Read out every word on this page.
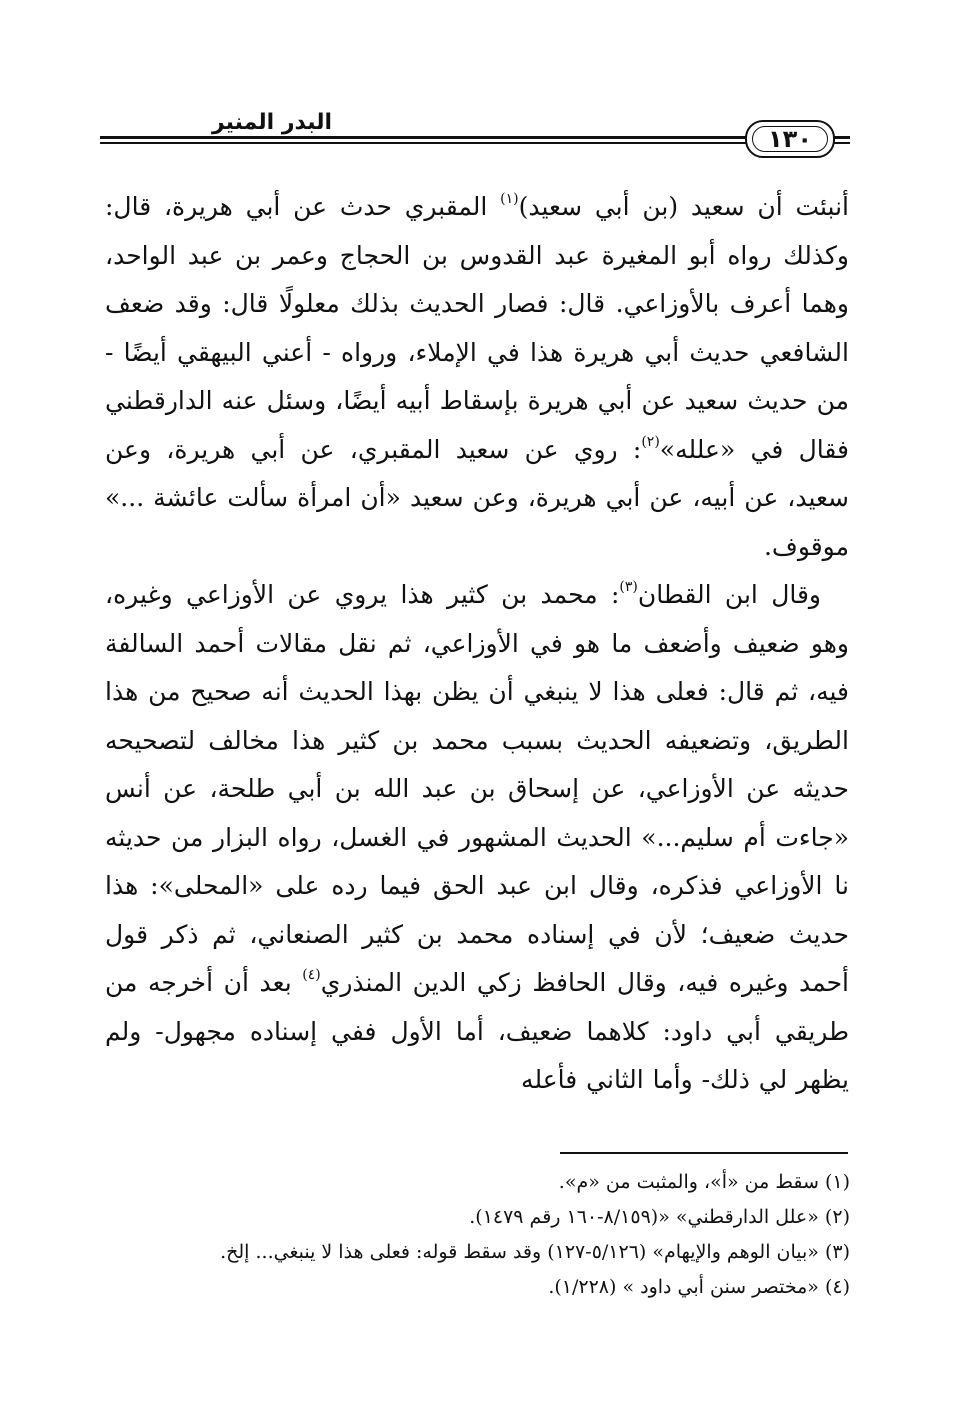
البدر المنير
١٣٠

أنبئت أن سعيد (بن أبي سعيد)$^{(١)}$ المقبري حدث عن أبي هريرة، قال: وكذلك رواه أبو المغيرة عبد القدوس بن الحجاج وعمر بن عبد الواحد، وهما أعرف بالأوزاعي. قال: فصار الحديث بذلك معلولًا قال: وقد ضعف الشافعي حديث أبي هريرة هذا في الإملاء، ورواه - أعني البيهقي أيضًا - من حديث سعيد عن أبي هريرة بإسقاط أبيه أيضًا، وسئل عنه الدارقطني فقال في «علله»$^{(٢)}$: روي عن سعيد المقبري، عن أبي هريرة، وعن سعيد، عن أبيه، عن أبي هريرة، وعن سعيد «أن امرأة سألت عائشة ...» موقوف.

وقال ابن القطان$^{(٣)}$: محمد بن كثير هذا يروي عن الأوزاعي وغيره، وهو ضعيف وأضعف ما هو في الأوزاعي، ثم نقل مقالات أحمد السالفة فيه، ثم قال: فعلى هذا لا ينبغي أن يظن بهذا الحديث أنه صحيح من هذا الطريق، وتضعيفه الحديث بسبب محمد بن كثير هذا مخالف لتصحيحه حديثه عن الأوزاعي، عن إسحاق بن عبد الله بن أبي طلحة، عن أنس «جاءت أم سليم...» الحديث المشهور في الغسل، رواه البزار من حديثه نا الأوزاعي فذكره، وقال ابن عبد الحق فيما رده على «المحلى»: هذا حديث ضعيف؛ لأن في إسناده محمد بن كثير الصنعاني، ثم ذكر قول أحمد وغيره فيه، وقال الحافظ زكي الدين المنذري$^{(٤)}$ بعد أن أخرجه من طريقي أبي داود: كلاهما ضعيف، أما الأول ففي إسناده مجهول- ولم يظهر لي ذلك- وأما الثاني فأعله

(١) سقط من «أ»، والمثبت من «م».

(٢) «علل الدارقطني» «(٨/١٥٩-١٦٠ رقم ١٤٧٩).

(٣) «بيان الوهم والإيهام» (٥/١٢٦-١٢٧) وقد سقط قوله: فعلى هذا لا ينبغي... إلخ.

(٤) «مختصر سنن أبي داود » (١/٢٢٨).
